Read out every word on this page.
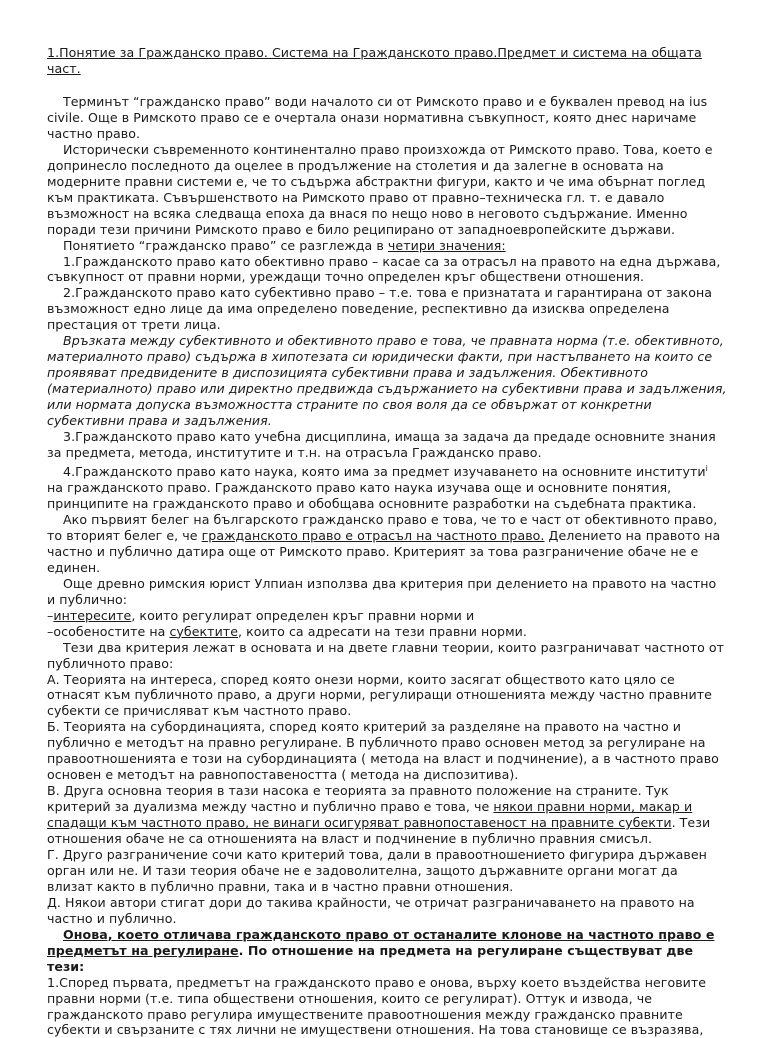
1.Понятие за Гражданско право. Система на Гражданското право.Предмет и система на общата част.

Терминът “гражданско право” води началото си от Римското право и е буквален превод на ius civile. Още в Римското право се е очертала онази нормативна съвкупност, която днес наричаме частно право.

Исторически съвременното континентално право произхожда от Римското право. Това, което е допринесло последното да оцелее в продължение на столетия и да залегне в основата на модерните правни системи е, че то съдържа абстрактни фигури, както и че има обърнат поглед към практиката. Съвършенството на Римското право от правно–техническа гл. т. е давало възможност на всяка следваща епоха да внася по нещо ново в неговото съдържание. Именно поради тези причини Римското право е било реципирано от западноевропейските държави.

Понятието “гражданско право” се разглежда в четири значения:

1.Гражданското право като обективно право – касае са за отрасъл на правото на една държава, съвкупност от правни норми, уреждащи точно определен кръг обществени отношения.

2.Гражданското право като субективно право – т.е. това е признатата и гарантирана от закона възможност едно лице да има определено поведение, респективно да изисква определена престация от трети лица.

Връзката между субективното и обективното право е това, че правната норма (т.е. обективното, материалното право) съдържа в хипотезата си юридически факти, при настъпването на които се проявяват предвидените в диспозицията субективни права и задължения. Обективното (материалното) право или директно предвижда съдържанието на субективни права и задължения, или нормата допуска възможността страните по своя воля да се обвържат от конкретни субективни права и задължения.

3.Гражданското право като учебна дисциплина, имаща за задача да предаде основните знания за предмета, метода, институтите и т.н. на отрасъла Гражданско право.

4.Гражданското право като наука, която има за предмет изучаването на основните институти$^i$ на гражданското право. Гражданското право като наука изучава още и основните понятия, принципите на гражданското право и обобщава основните разработки на съдебната практика.

Ако първият белег на българското гражданско право е това, че то е част от обективното право, то вторият белег е, че гражданското право е отрасъл на частното право. Делението на правото на частно и публично датира още от Римското право. Критерият за това разграничение обаче не е единен.

Още древно римския юрист Улпиан използва два критерия при делението на правото на частно и публично:

–интересите, които регулират определен кръг правни норми и

–особеностите на субектите, които са адресати на тези правни норми.

Тези два критерия лежат в основата и на двете главни теории, които разграничават частното от публичното право:

А. Теорията на интереса, според която онези норми, които засягат обществото като цяло се отнасят към публичното право, а други норми, регулиращи отношенията между частно правните субекти се причисляват към частното право.

Б. Теорията на субординацията, според която критерий за разделяне на правото на частно и публично е методът на правно регулиране. В публичното право основен метод за регулиране на правоотношенията е този на субординацията ( метода на власт и подчинение), а в частното право основен е методът на равнопоставеността ( метода на диспозитива).

В. Друга основна теория в тази насока е теорията за правното положение на страните. Тук критерий за дуализма между частно и публично право е това, че някои правни норми, макар и спадащи към частното право, не винаги осигуряват равнопоставеност на правните субекти. Тези отношения обаче не са отношенията на власт и подчинение в публично правния смисъл.

Г. Друго разграничение сочи като критерий това, дали в правоотношението фигурира държавен орган или не. И тази теория обаче не е задоволителна, защото държавните органи могат да влизат както в публично правни, така и в частно правни отношения.

Д. Някои автори стигат дори до такива крайности, че отричат разграничаването на правото на частно и публично.

Онова, което отличава гражданското право от останалите клонове на частното право е предметът на регулиране. По отношение на предмета на регулиране съществуват две тези:

1.Според първата, предметът на гражданското право е онова, върху което въздейства неговите правни норми (т.е. типа обществени отношения, които се регулират). Оттук и изводa, че гражданското право регулира имуществените правоотношения между гражданско правните субекти и свързаните с тях лични не имуществени отношения. На това становище се възразява,
